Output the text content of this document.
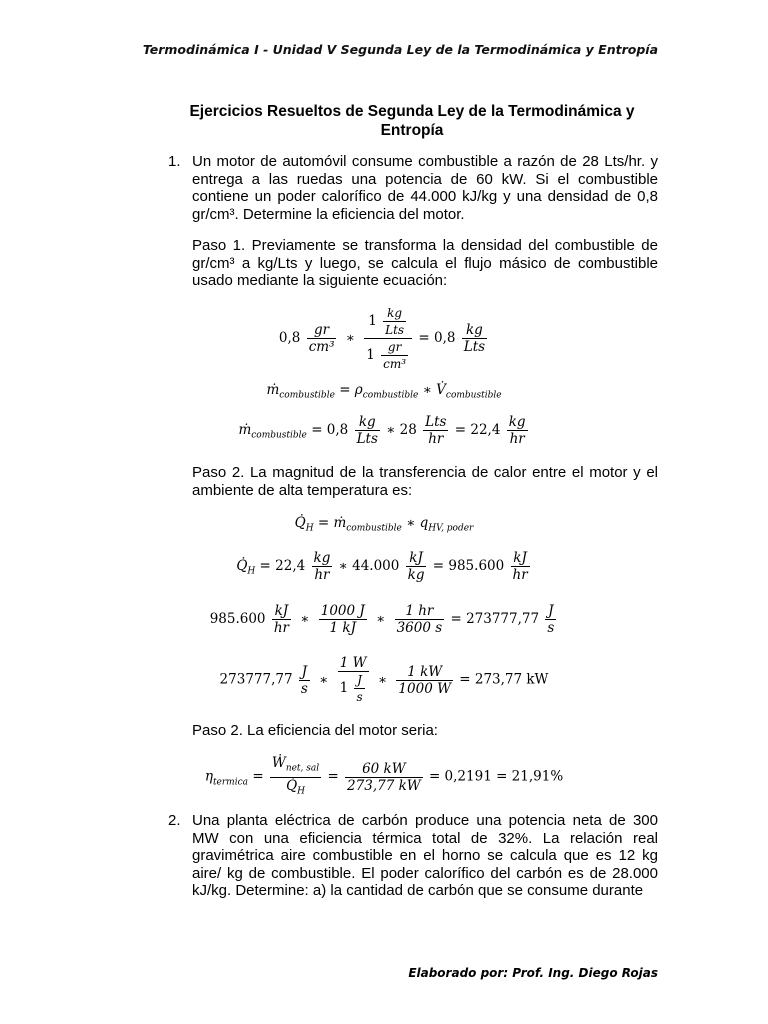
Termodinámica I - Unidad V Segunda Ley de la Termodinámica y Entropía
Ejercicios Resueltos de Segunda Ley de la Termodinámica y Entropía
1. Un motor de automóvil consume combustible a razón de 28 Lts/hr. y entrega a las ruedas una potencia de 60 kW. Si el combustible contiene un poder calorífico de 44.000 kJ/kg y una densidad de 0,8 gr/cm³. Determine la eficiencia del motor.
Paso 1. Previamente se transforma la densidad del combustible de gr/cm³ a kg/Lts y luego, se calcula el flujo másico de combustible usado mediante la siguiente ecuación:
$0,8 \frac{gr}{\text{cm³}}$ ∗ $\frac{1 \frac{kg}{\text{Lts}}}{1 \frac{gr}{\text{cm³}}} = 0,8 \frac{kg}{\text{Lts}}$
ṁ$_{combustible}$ = $\rho_{combustible}$ ∗ $V̇_{combustible}$
ṁ$_{combustible}$ = $0,8 \frac{kg}{\text{Lts}}$ ∗ $28 \frac{\text{Lts}}{hr} = 22,4 \frac{kg}{hr}$
Paso 2. La magnitud de la transferencia de calor entre el motor y el ambiente de alta temperatura es:
$Q̇_H$ = ṁ$_{combustible}$ ∗ $q_{HV, poder}$
$Q̇_H = 22,4 \frac{kg}{hr}$ ∗ $44.000 \frac{kJ}{kg} = 985.600 \frac{kJ}{hr}$
$985.600 \frac{kJ}{hr}$ ∗ $\frac{1000 J}{1 kJ}$ ∗ $\frac{1 hr}{3600 s} = 273777,77 \frac{J}{s}$
$273777,77 \frac{J}{s}$ ∗ $\frac{1 W}{1 \frac{J}{s}}$ ∗ $\frac{1 kW}{1000 W} = 273,77$ kW
Paso 2. La eficiencia del motor seria:
$\eta_{termica} = \frac{Ẇ_{net, sal}}{Q̇_H} = \frac{60 kW}{273,77 kW} = 0,2191 = 21,91\%$
2. Una planta eléctrica de carbón produce una potencia neta de 300 MW con una eficiencia térmica total de 32%. La relación real gravimétrica aire combustible en el horno se calcula que es 12 kg aire/ kg de combustible. El poder calorífico del carbón es de 28.000 kJ/kg. Determine: a) la cantidad de carbón que se consume durante
Elaborado por: Prof. Ing. Diego Rojas
